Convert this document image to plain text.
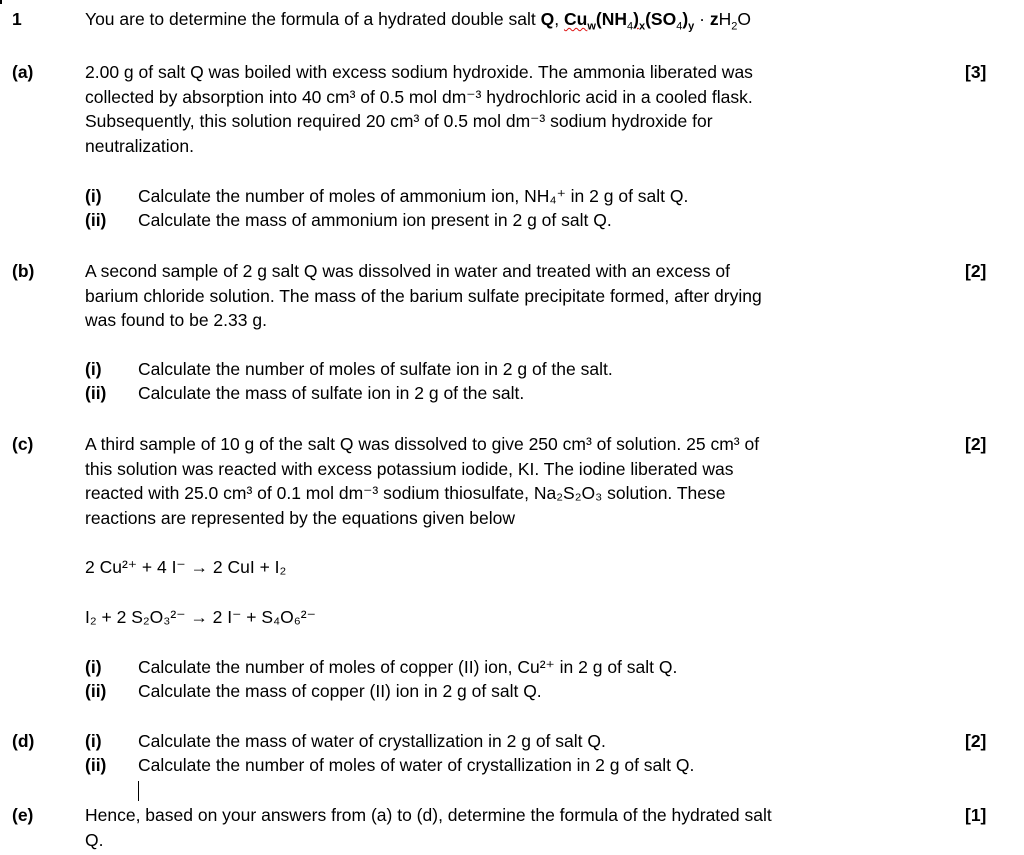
1	You are to determine the formula of a hydrated double salt Q, $Cu_w(NH_4)_x(SO_4)_y \cdot zH_2O$
(a)	[3]
2.00 g of salt Q was boiled with excess sodium hydroxide. The ammonia liberated was
collected by absorption into 40 cm³ of 0.5 mol dm⁻³ hydrochloric acid in a cooled flask.
Subsequently, this solution required 20 cm³ of 0.5 mol dm⁻³ sodium hydroxide for
neutralization.
(i) Calculate the number of moles of ammonium ion, NH₄⁺ in 2 g of salt Q.
(ii) Calculate the mass of ammonium ion present in 2 g of salt Q.
(b)	[2]
A second sample of 2 g salt Q was dissolved in water and treated with an excess of
barium chloride solution. The mass of the barium sulfate precipitate formed, after drying
was found to be 2.33 g.
(i) Calculate the number of moles of sulfate ion in 2 g of the salt.
(ii) Calculate the mass of sulfate ion in 2 g of the salt.
(c)	[2]
A third sample of 10 g of the salt Q was dissolved to give 250 cm³ of solution. 25 cm³ of
this solution was reacted with excess potassium iodide, KI. The iodine liberated was
reacted with 25.0 cm³ of 0.1 mol dm⁻³ sodium thiosulfate, Na₂S₂O₃ solution. These
reactions are represented by the equations given below
2 Cu²⁺ + 4 I⁻ → 2 CuI + I₂
I₂ + 2 S₂O₃²⁻ → 2 I⁻ + S₄O₆²⁻
(i) Calculate the number of moles of copper (II) ion, Cu²⁺ in 2 g of salt Q.
(ii) Calculate the mass of copper (II) ion in 2 g of salt Q.
(d)	[2]
(i) Calculate the mass of water of crystallization in 2 g of salt Q.
(ii) Calculate the number of moles of water of crystallization in 2 g of salt Q.
(e)	[1]
Hence, based on your answers from (a) to (d), determine the formula of the hydrated salt
Q.
